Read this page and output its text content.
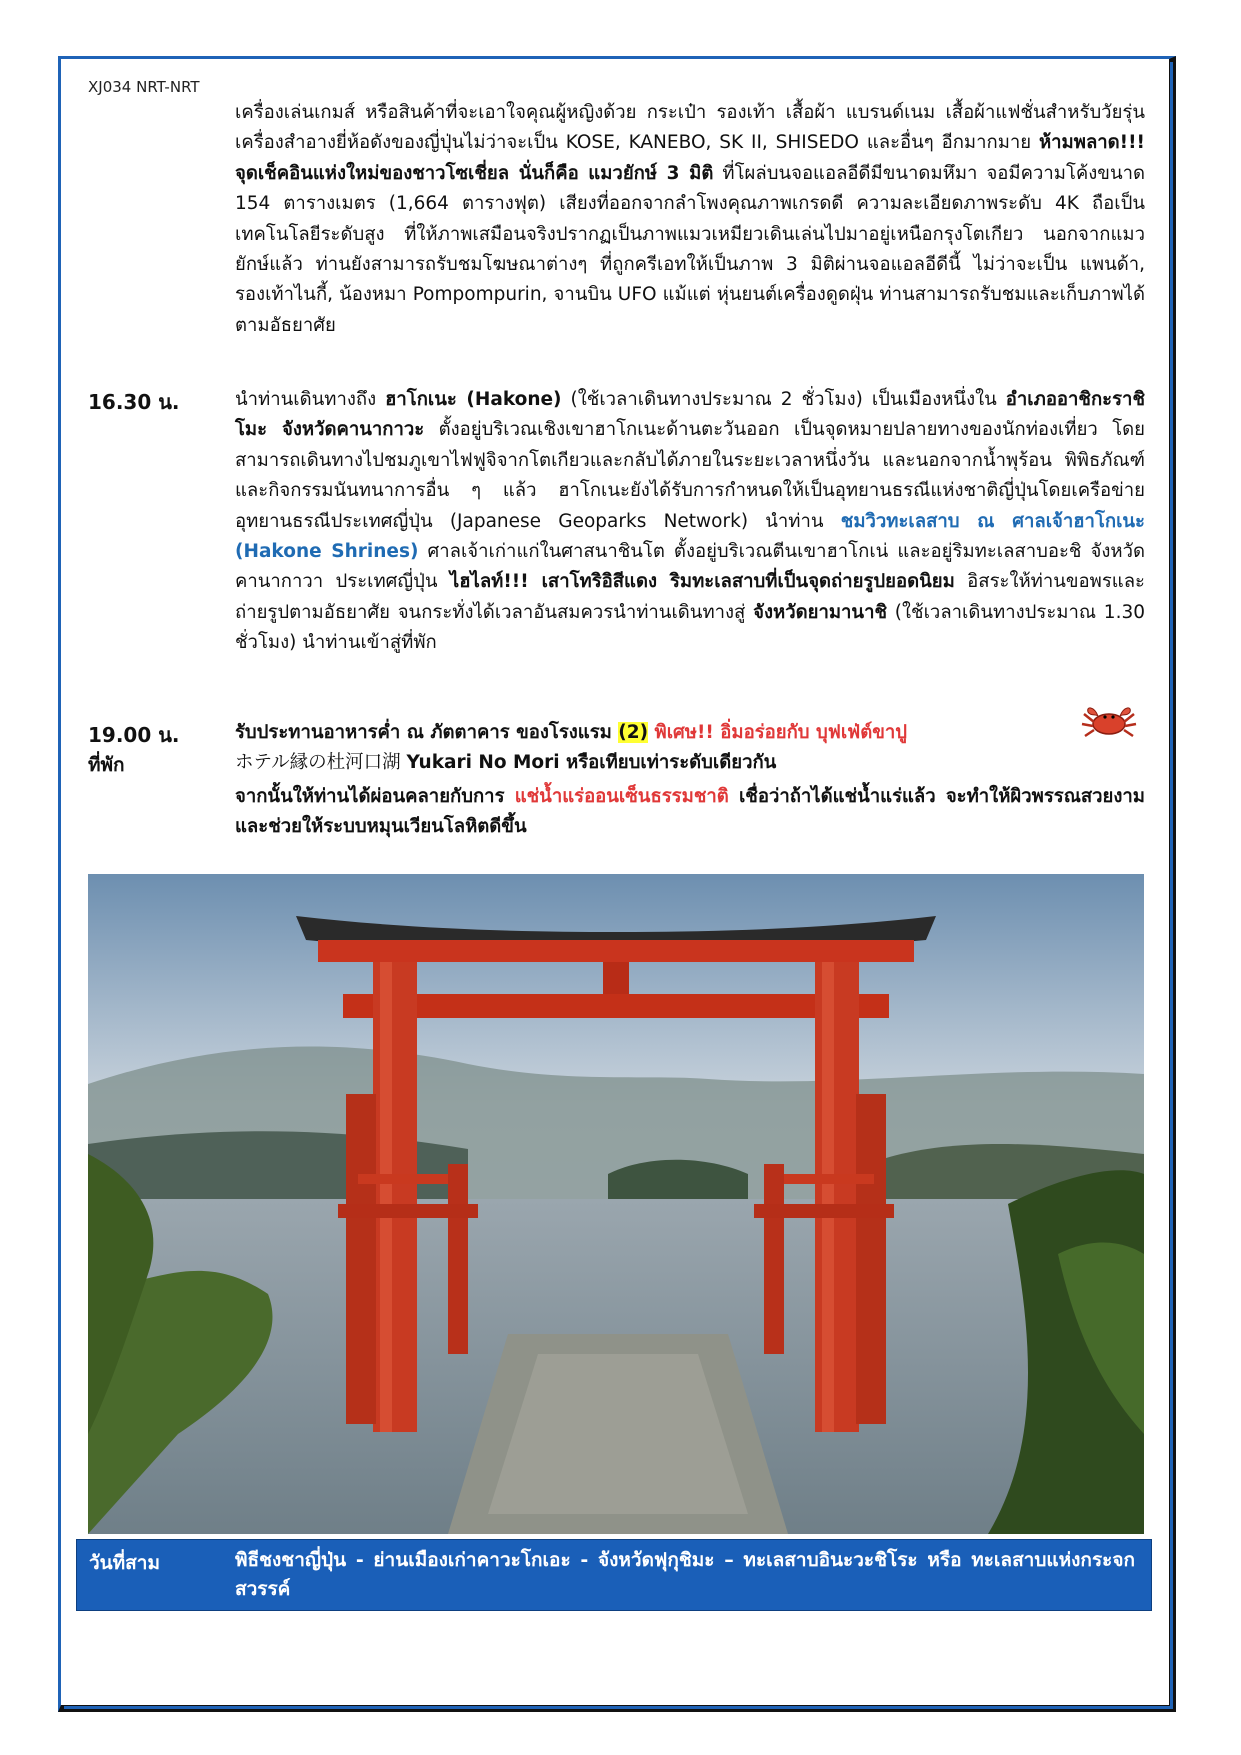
XJ034 NRT-NRT
เครื่องเล่นเกมส์ หรือสินค้าที่จะเอาใจคุณผู้หญิงด้วย กระเป๋า รองเท้า เสื้อผ้า แบรนด์เนม เสื้อผ้าแฟชั่นสำหรับวัยรุ่น เครื่องสำอางยี่ห้อดังของญี่ปุ่นไม่ว่าจะเป็น KOSE, KANEBO, SK II, SHISEDO และอื่นๆ อีกมากมาย ห้ามพลาด!!! จุดเช็คอินแห่งใหม่ของชาวโซเชี่ยล นั่นก็คือ แมวยักษ์ 3 มิติ ที่โผล่บนจอแอลอีดีมีขนาดมหึมา จอมีความโค้งขนาด 154 ตารางเมตร (1,664 ตารางฟุต) เสียงที่ออกจากลำโพงคุณภาพเกรดดี ความละเอียดภาพระดับ 4K ถือเป็นเทคโนโลยีระดับสูง ที่ให้ภาพเสมือนจริงปรากฏเป็นภาพแมวเหมียวเดินเล่นไปมาอยู่เหนือกรุงโตเกียว นอกจากแมวยักษ์แล้ว ท่านยังสามารถรับชมโฆษณาต่างๆ ที่ถูกครีเอทให้เป็นภาพ 3 มิติผ่านจอแอลอีดีนี้ ไม่ว่าจะเป็น แพนด้า, รองเท้าไนกี้, น้องหมา Pompompurin, จานบิน UFO แม้แต่ หุ่นยนต์เครื่องดูดฝุ่น ท่านสามารถรับชมและเก็บภาพได้ตามอัธยาศัย
16.30 น.	นำท่านเดินทางถึง ฮาโกเนะ (Hakone) (ใช้เวลาเดินทางประมาณ 2 ชั่วโมง) เป็นเมืองหนึ่งใน อำเภออาชิกะราชิโมะ จังหวัดคานากาวะ ตั้งอยู่บริเวณเชิงเขาฮาโกเนะด้านตะวันออก เป็นจุดหมายปลายทางของนักท่องเที่ยว โดยสามารถเดินทางไปชมภูเขาไฟฟูจิจากโตเกียวและกลับได้ภายในระยะเวลาหนึ่งวัน และนอกจากน้ำพุร้อน พิพิธภัณฑ์ และกิจกรรมนันทนาการอื่น ๆ แล้ว ฮาโกเนะยังได้รับการกำหนดให้เป็นอุทยานธรณีแห่งชาติญี่ปุ่นโดยเครือข่ายอุทยานธรณีประเทศญี่ปุ่น (Japanese Geoparks Network) นำท่าน ชมวิวทะเลสาบ ณ ศาลเจ้าฮาโกเนะ (Hakone Shrines) ศาลเจ้าเก่าแก่ในศาสนาชินโต ตั้งอยู่บริเวณตีนเขาฮาโกเน่ และอยู่ริมทะเลสาบอะชิ จังหวัดคานากาวา ประเทศญี่ปุ่น ไฮไลท์!!! เสาโทริอิสีแดง ริมทะเลสาบที่เป็นจุดถ่ายรูปยอดนิยม อิสระให้ท่านขอพรและถ่ายรูปตามอัธยาศัย จนกระทั่งได้เวลาอันสมควรนำท่านเดินทางสู่ จังหวัดยามานาชิ (ใช้เวลาเดินทางประมาณ 1.30 ชั่วโมง) นำท่านเข้าสู่ที่พัก
19.00 น.	รับประทานอาหารค่ำ ณ ภัตตาคาร ของโรงแรม (2) พิเศษ!! อิ่มอร่อยกับ บุฟเฟ่ต์ขาปู
ที่พัก	ホテル縁の杜河口湖 Yukari No Mori หรือเทียบเท่าระดับเดียวกัน
จากนั้นให้ท่านได้ผ่อนคลายกับการ แช่น้ำแร่ออนเซ็นธรรมชาติ เชื่อว่าถ้าได้แช่น้ำแร่แล้ว จะทำให้ผิวพรรณสวยงามและช่วยให้ระบบหมุนเวียนโลหิตดีขึ้น
วันที่สาม	พิธีชงชาญี่ปุ่น - ย่านเมืองเก่าคาวะโกเอะ - จังหวัดฟุกุชิมะ – ทะเลสาบอินะวะชิโระ หรือ ทะเลสาบแห่งกระจกสวรรค์
